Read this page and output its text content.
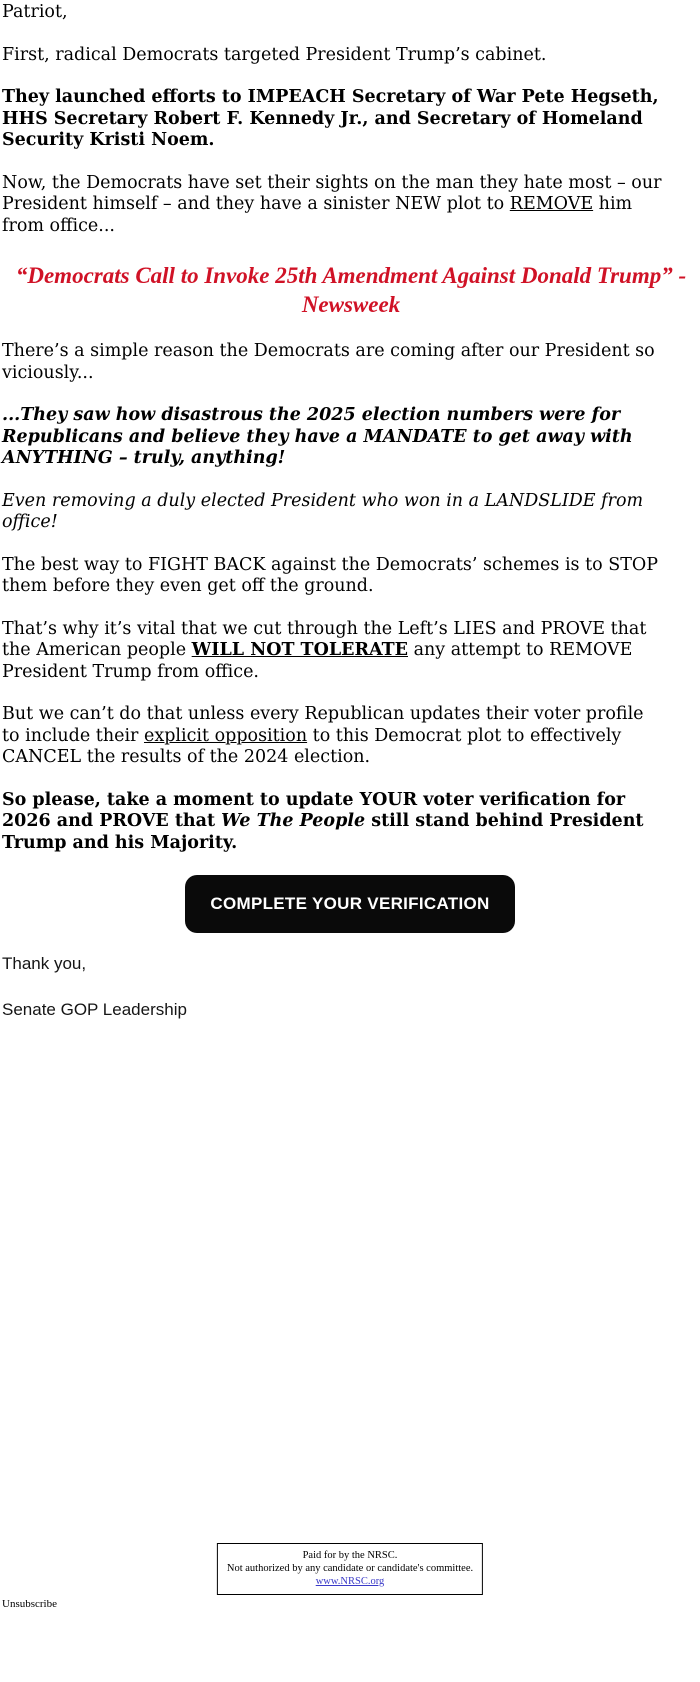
Patriot,

First, radical Democrats targeted President Trump’s cabinet.

They launched efforts to IMPEACH Secretary of War Pete Hegseth, HHS Secretary Robert F. Kennedy Jr., and Secretary of Homeland Security Kristi Noem.

Now, the Democrats have set their sights on the man they hate most – our President himself – and they have a sinister NEW plot to REMOVE him from office...

“Democrats Call to Invoke 25th Amendment Against Donald Trump” - Newsweek

There’s a simple reason the Democrats are coming after our President so viciously...

...They saw how disastrous the 2025 election numbers were for Republicans and believe they have a MANDATE to get away with ANYTHING – truly, anything!

Even removing a duly elected President who won in a LANDSLIDE from office!

The best way to FIGHT BACK against the Democrats’ schemes is to STOP them before they even get off the ground.

That’s why it’s vital that we cut through the Left’s LIES and PROVE that the American people WILL NOT TOLERATE any attempt to REMOVE President Trump from office.

But we can’t do that unless every Republican updates their voter profile to include their explicit opposition to this Democrat plot to effectively CANCEL the results of the 2024 election.

So please, take a moment to update YOUR voter verification for 2026 and PROVE that We The People still stand behind President Trump and his Majority.

COMPLETE YOUR VERIFICATION

Thank you,

Senate GOP Leadership

Paid for by the NRSC.
Not authorized by any candidate or candidate's committee.
www.NRSC.org
Unsubscribe
